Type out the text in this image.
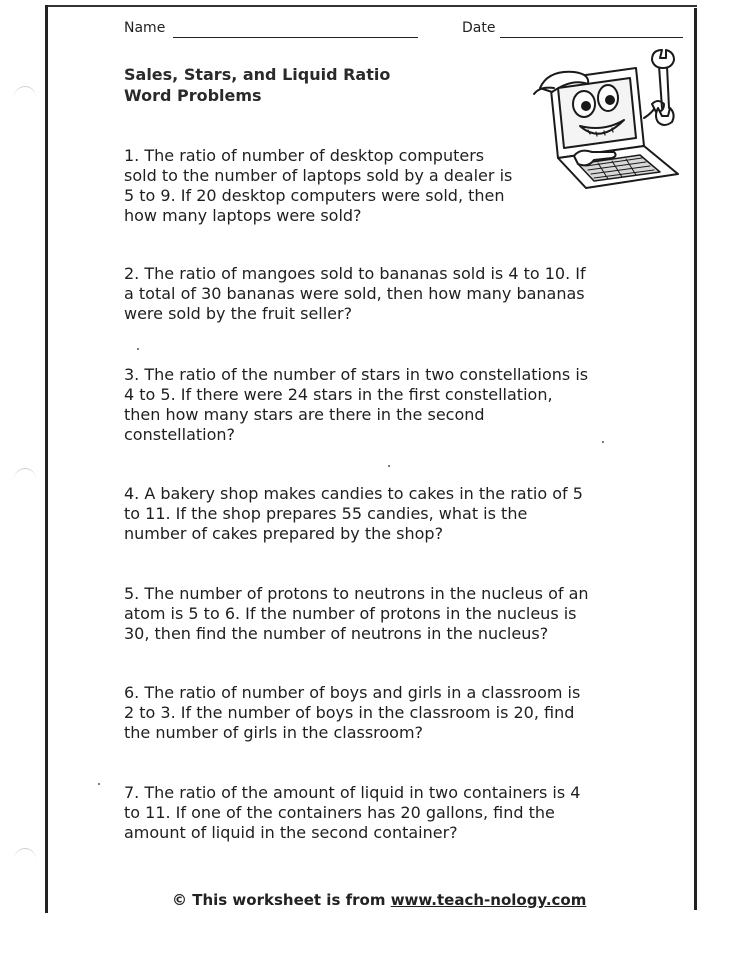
Name	Date
Sales, Stars, and Liquid Ratio
Word Problems

1. The ratio of number of desktop computers
sold to the number of laptops sold by a dealer is
5 to 9. If 20 desktop computers were sold, then
how many laptops were sold?

2. The ratio of mangoes sold to bananas sold is 4 to 10. If
a total of 30 bananas were sold, then how many bananas
were sold by the fruit seller?

3. The ratio of the number of stars in two constellations is
4 to 5. If there were 24 stars in the first constellation,
then how many stars are there in the second
constellation?

4. A bakery shop makes candies to cakes in the ratio of 5
to 11. If the shop prepares 55 candies, what is the
number of cakes prepared by the shop?

5. The number of protons to neutrons in the nucleus of an
atom is 5 to 6. If the number of protons in the nucleus is
30, then find the number of neutrons in the nucleus?

6. The ratio of number of boys and girls in a classroom is
2 to 3. If the number of boys in the classroom is 20, find
the number of girls in the classroom?

7. The ratio of the amount of liquid in two containers is 4
to 11. If one of the containers has 20 gallons, find the
amount of liquid in the second container?

© This worksheet is from www.teach-nology.com
